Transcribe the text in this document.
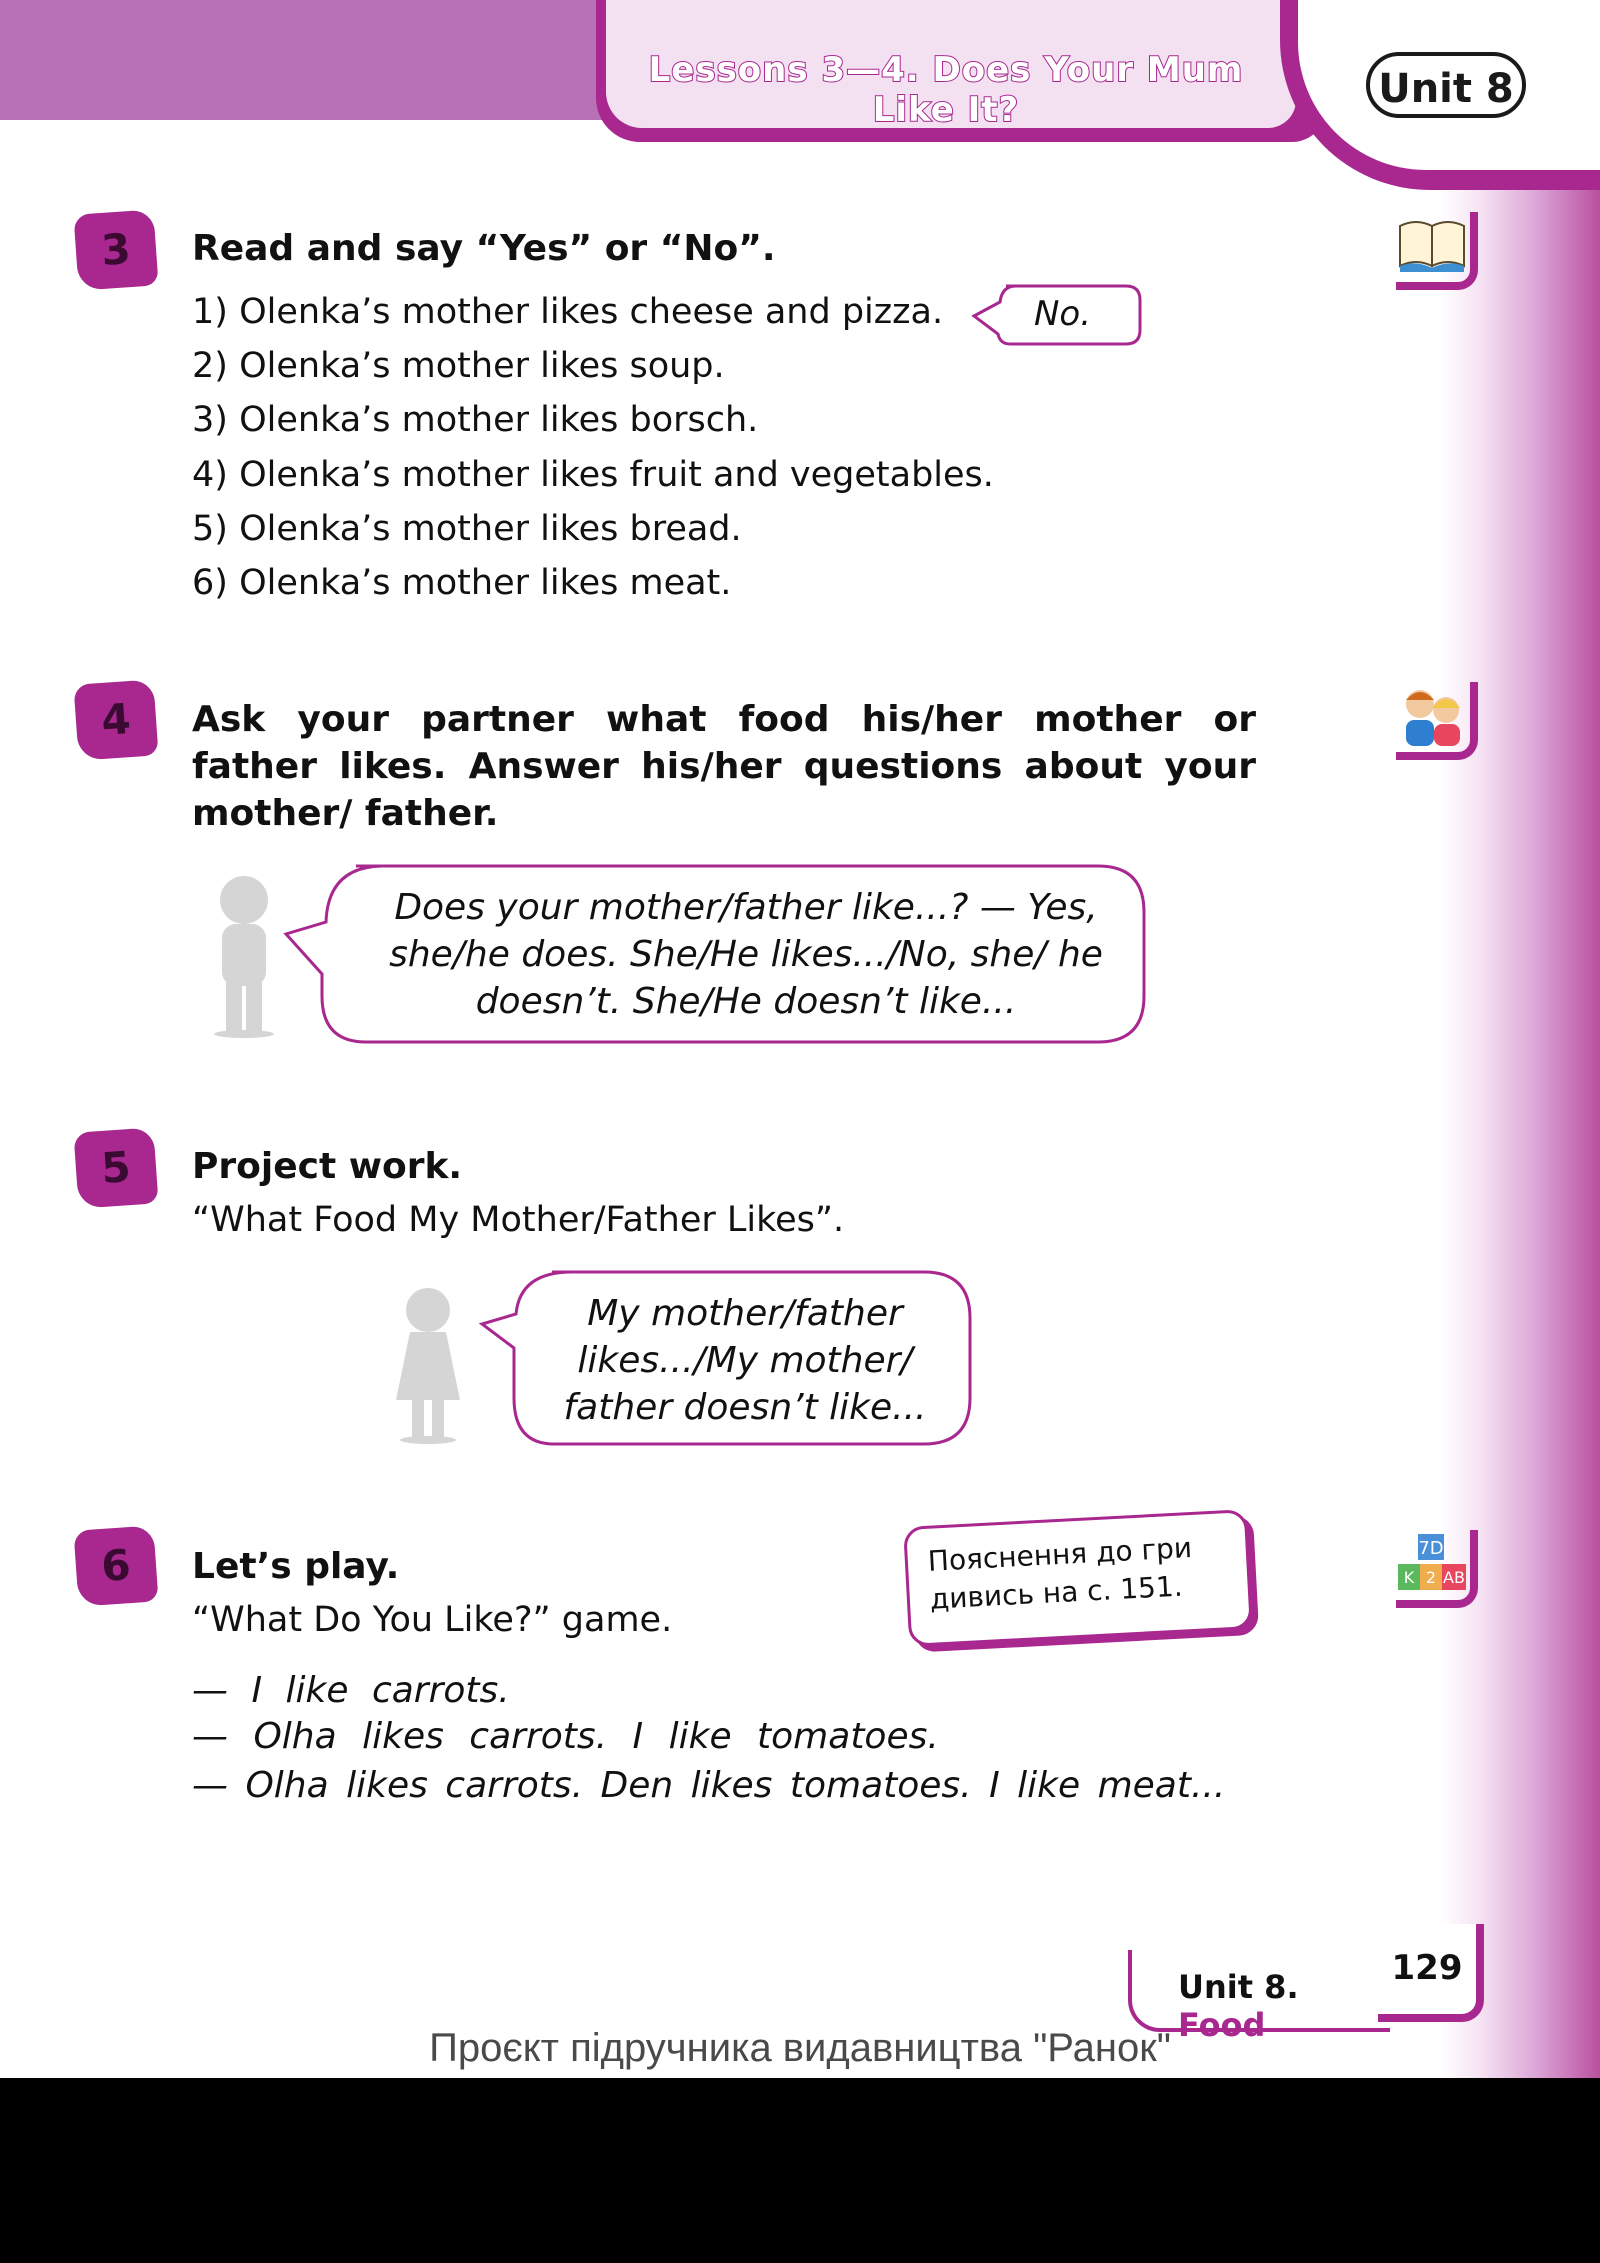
Lessons 3—4. Does Your Mum Like It?	Unit 8
3	Read and say “Yes” or “No”.
1) Olenka’s mother likes cheese and pizza.
2) Olenka’s mother likes soup.
3) Olenka’s mother likes borsch.
4) Olenka’s mother likes fruit and vegetables.
5) Olenka’s mother likes bread.
6) Olenka’s mother likes meat.
No.
4	Ask your partner what food his/her mother or father likes. Answer his/her questions about your mother/ father.
Does your mother/father like...? — Yes, she/he does. She/He likes.../No, she/ he doesn’t. She/He doesn’t like...
5	Project work.
“What Food My Mother/Father Likes”.
My mother/father likes.../My mother/ father doesn’t like...
6	Let’s play.
“What Do You Like?” game.
Пояснення до гри дивись на с. 151.
7D
K 2 AB
— I like carrots.
— Olha likes carrots. I like tomatoes.
— Olha likes carrots. Den likes tomatoes. I like meat...
Unit 8. Food
129
Проєкт підручника видавництва "Ранок"
